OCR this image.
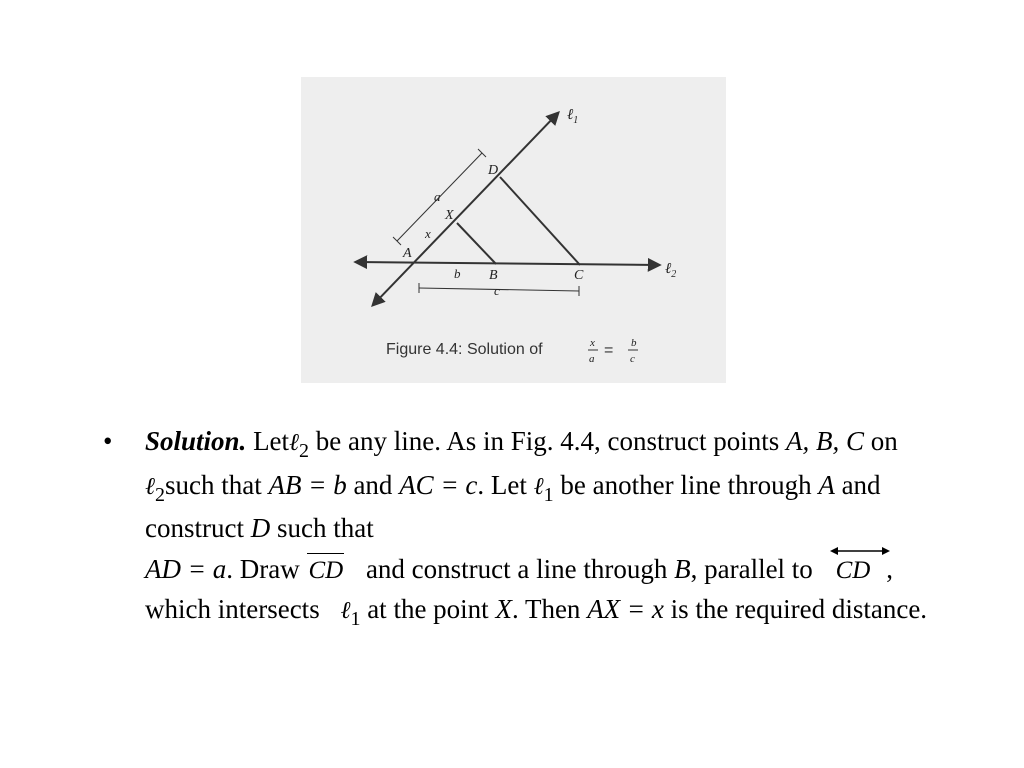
ℓ$_1$
ℓ$_2$
D
X
A
B	C
a
x
b
c
Figure 4.4: Solution of	x
a = b
c
• Solution. Letℓ$_2$ be any line. As in Fig. 4.4, construct points A, B, C on ℓ$_2$such that AB = b and AC = c. Let ℓ$_1$ be another line through A and construct D such that
AD = a. Draw CD and construct a line through B, parallel to CD , which intersects ℓ$_1$ at the point X. Then AX = x is the required distance.
